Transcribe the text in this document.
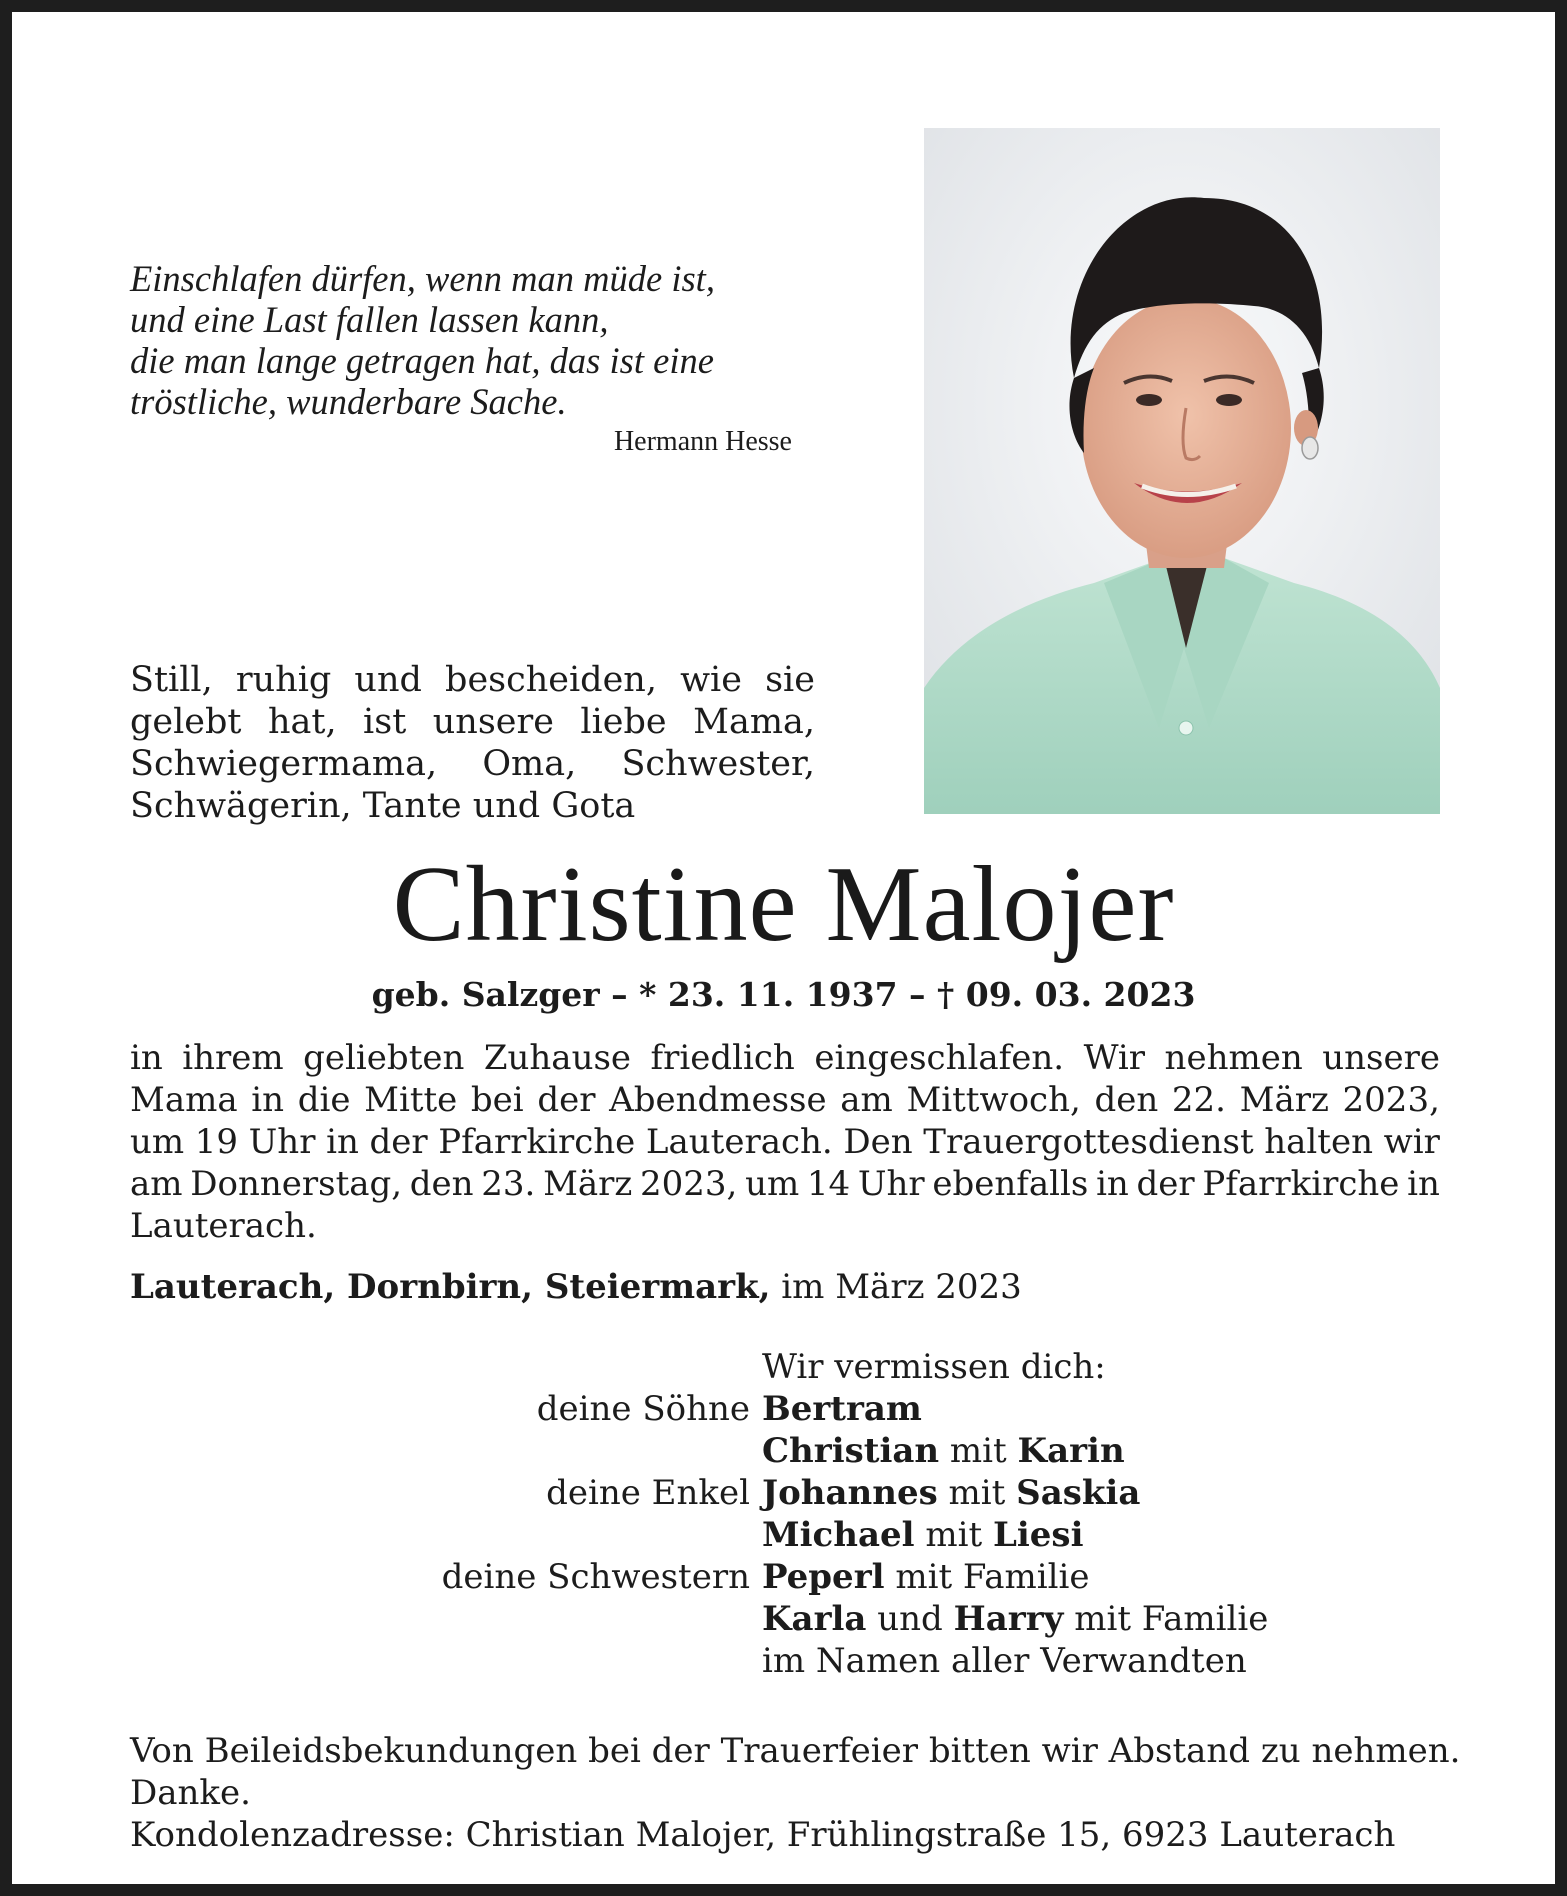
Einschlafen dürfen, wenn man müde ist,
und eine Last fallen lassen kann,
die man lange getragen hat, das ist eine
tröstliche, wunderbare Sache.
Hermann Hesse
Still, ruhig und bescheiden, wie sie
gelebt hat, ist unsere liebe Mama,
Schwiegermama, Oma, Schwester,
Schwägerin, Tante und Gota
Christine Malojer
geb. Salzger – * 23. 11. 1937 – † 09. 03. 2023
in ihrem geliebten Zuhause friedlich eingeschlafen. Wir nehmen unsere
Mama in die Mitte bei der Abendmesse am Mittwoch, den 22. März 2023,
um 19 Uhr in der Pfarrkirche Lauterach. Den Trauergottesdienst halten wir
am Donnerstag, den 23. März 2023, um 14 Uhr ebenfalls in der Pfarrkirche in
Lauterach.
Lauterach, Dornbirn, Steiermark, im März 2023
Wir vermissen dich:
deine Söhne Bertram
Christian mit Karin
deine Enkel Johannes mit Saskia
Michael mit Liesi
deine Schwestern Peperl mit Familie
Karla und Harry mit Familie
im Namen aller Verwandten
Von Beileidsbekundungen bei der Trauerfeier bitten wir Abstand zu nehmen.
Danke.
Kondolenzadresse: Christian Malojer, Frühlingstraße 15, 6923 Lauterach
